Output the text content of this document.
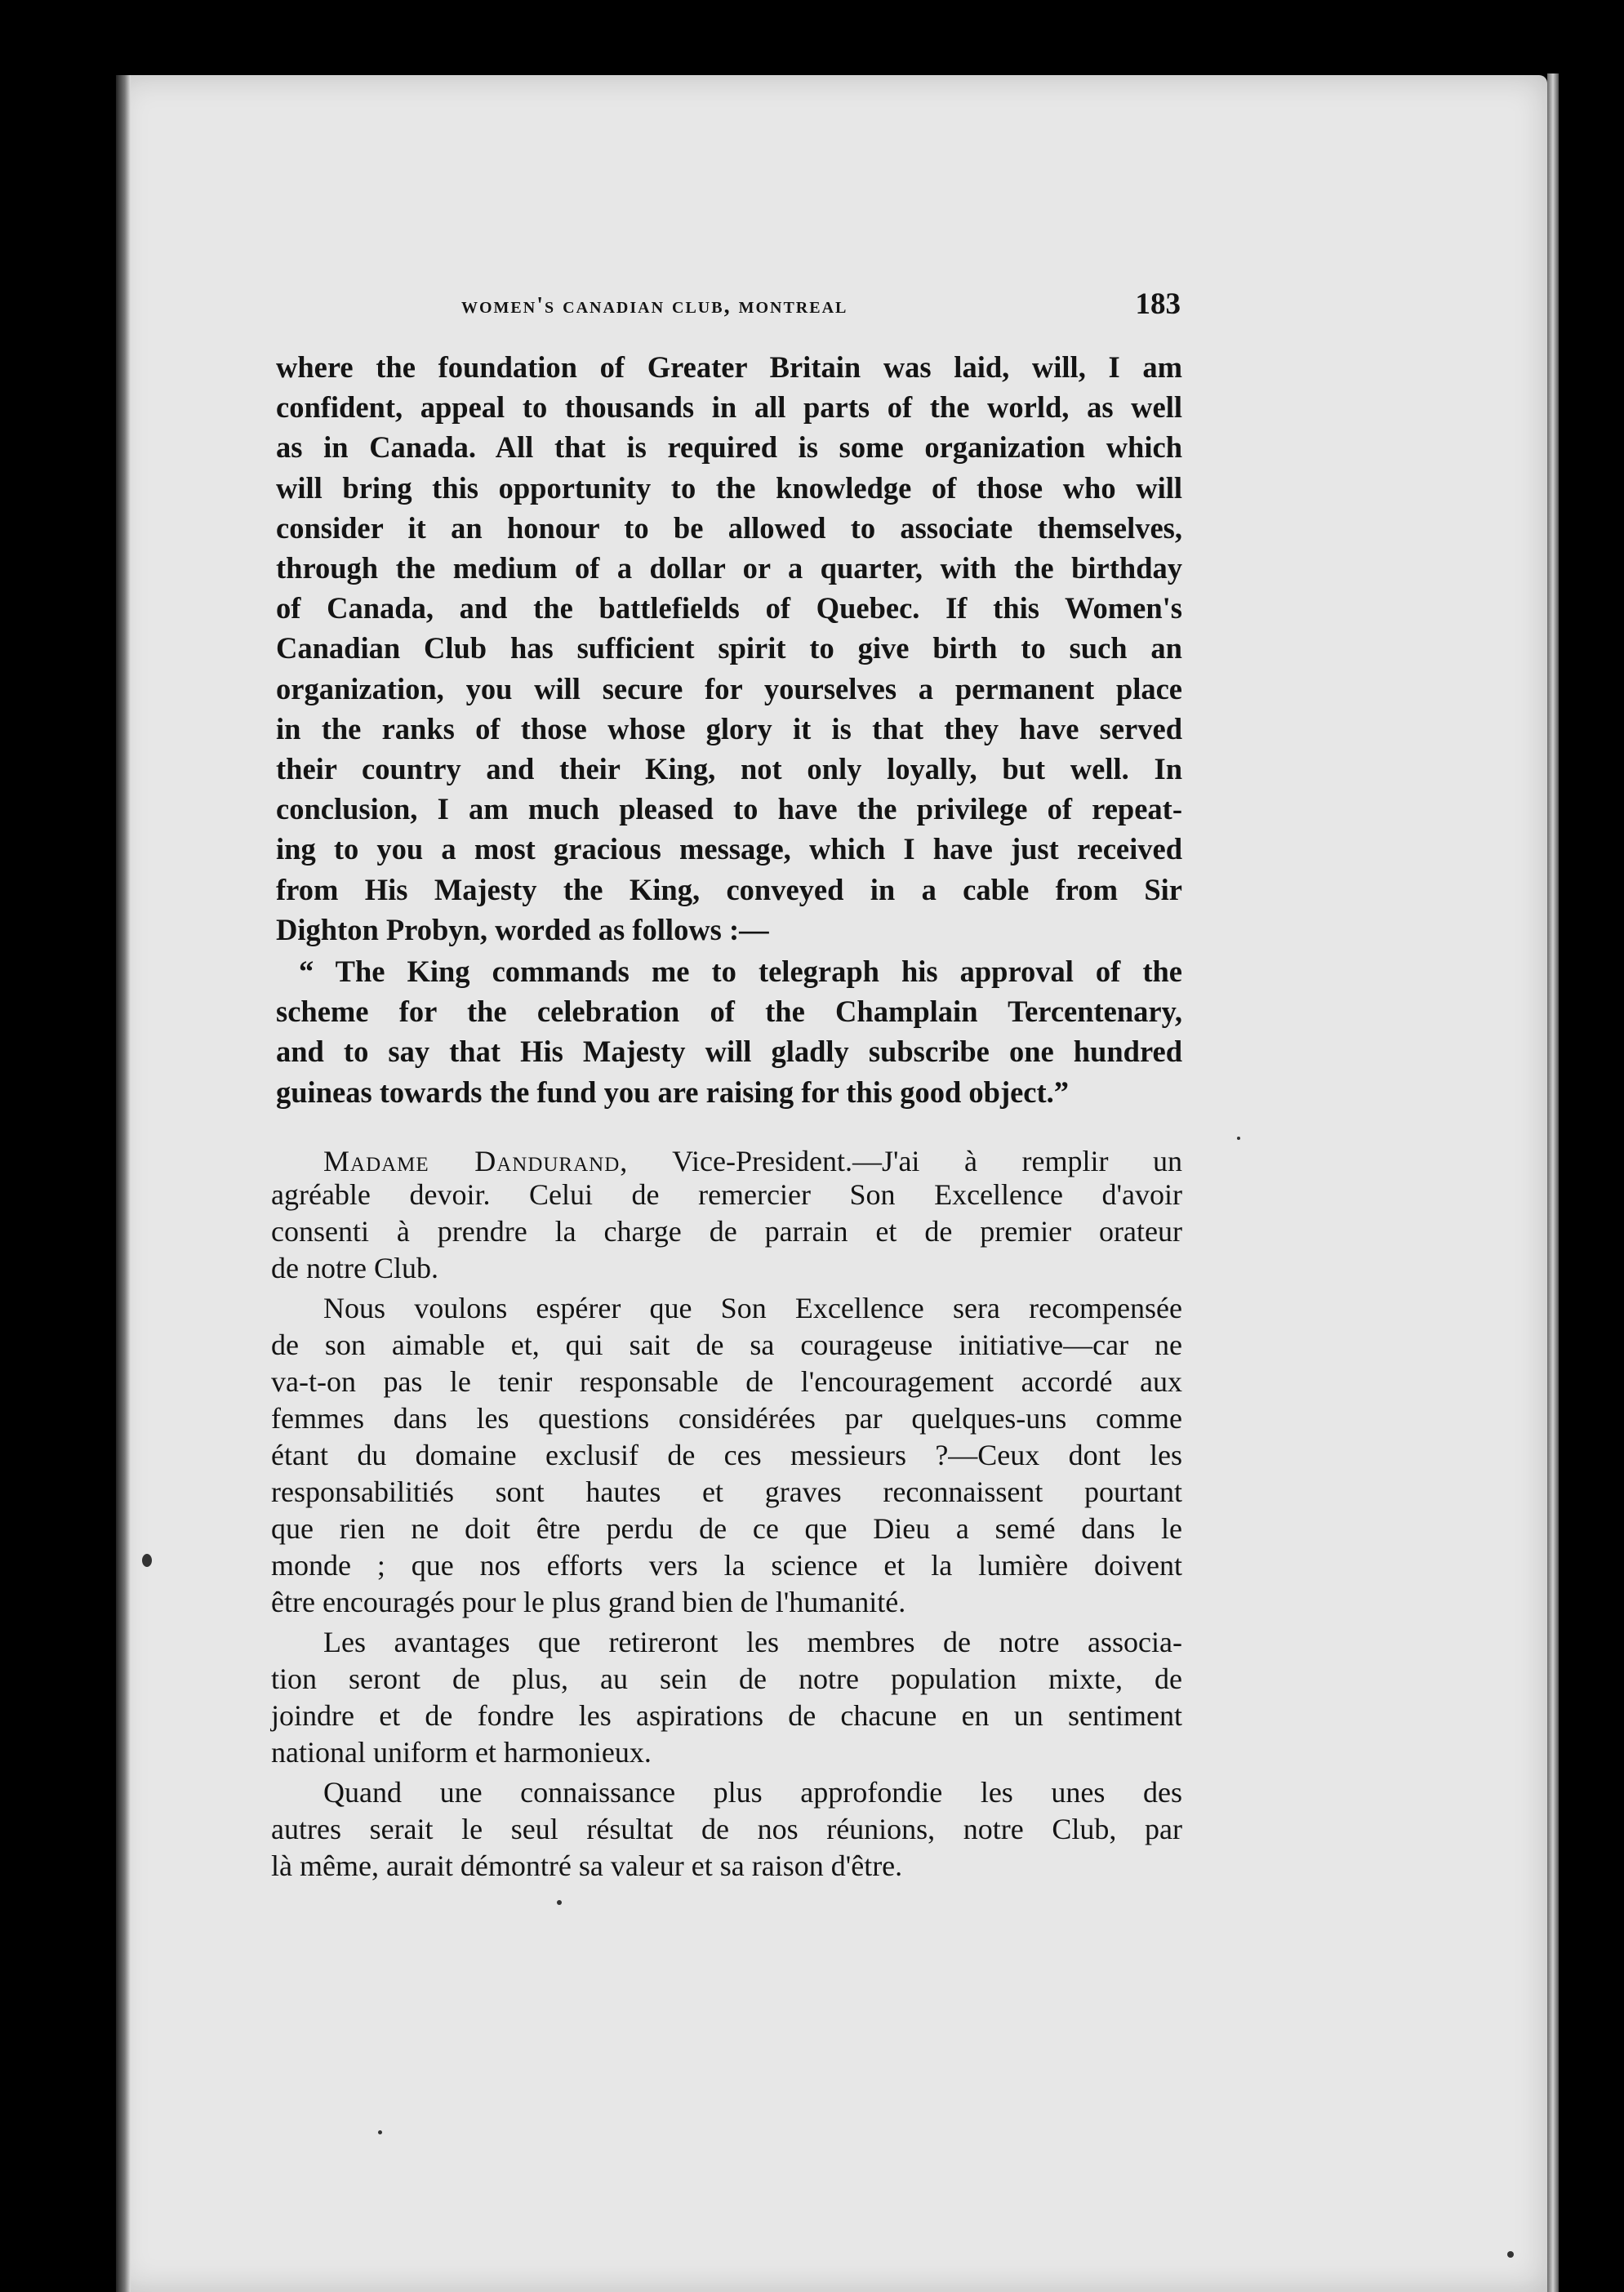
women's canadian club, montreal	183

where the foundation of Greater Britain was laid, will, I am

confident, appeal to thousands in all parts of the world, as well

as in Canada. All that is required is some organization which

will bring this opportunity to the knowledge of those who will

consider it an honour to be allowed to associate themselves,

through the medium of a dollar or a quarter, with the birthday

of Canada, and the battlefields of Quebec. If this Women's

Canadian Club has sufficient spirit to give birth to such an

organization, you will secure for yourselves a permanent place

in the ranks of those whose glory it is that they have served

their country and their King, not only loyally, but well. In

conclusion, I am much pleased to have the privilege of repeat-

ing to you a most gracious message, which I have just received

from His Majesty the King, conveyed in a cable from Sir

Dighton Probyn, worded as follows :—

“ The King commands me to telegraph his approval of the

scheme for the celebration of the Champlain Tercentenary,

and to say that His Majesty will gladly subscribe one hundred

guineas towards the fund you are raising for this good object.”

Madame Dandurand, Vice-President.—J'ai à remplir un

agréable devoir. Celui de remercier Son Excellence d'avoir

consenti à prendre la charge de parrain et de premier orateur

de notre Club.

Nous voulons espérer que Son Excellence sera recompensée

de son aimable et, qui sait de sa courageuse initiative—car ne

va-t-on pas le tenir responsable de l'encouragement accordé aux

femmes dans les questions considérées par quelques-uns comme

étant du domaine exclusif de ces messieurs ?—Ceux dont les

responsabilitiés sont hautes et graves reconnaissent pourtant

que rien ne doit être perdu de ce que Dieu a semé dans le

monde ; que nos efforts vers la science et la lumière doivent

être encouragés pour le plus grand bien de l'humanité.

Les avantages que retireront les membres de notre associa-

tion seront de plus, au sein de notre population mixte, de

joindre et de fondre les aspirations de chacune en un sentiment

national uniform et harmonieux.

Quand une connaissance plus approfondie les unes des

autres serait le seul résultat de nos réunions, notre Club, par

là même, aurait démontré sa valeur et sa raison d'être.
